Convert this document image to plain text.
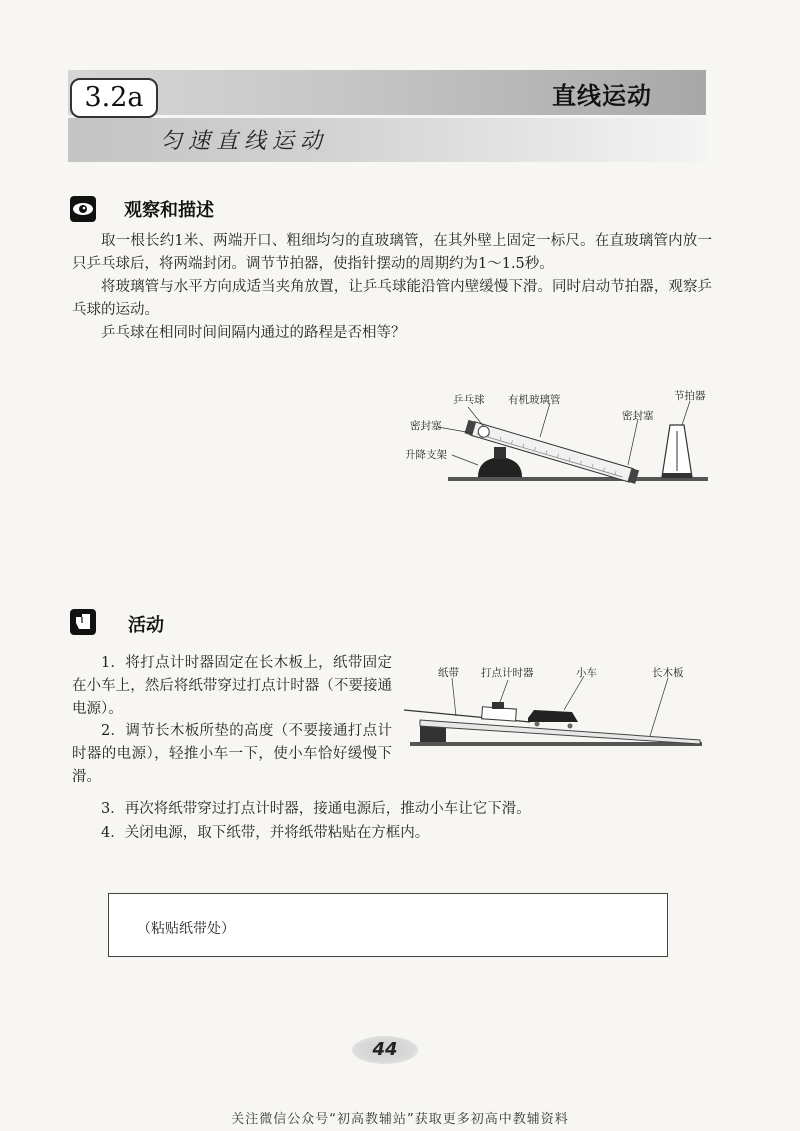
3.2a	直线运动
匀速直线运动
观察和描述

取一根长约1米、两端开口、粗细均匀的直玻璃管，在其外壁上固定一标尺。在直玻璃管内放一只乒乓球后，将两端封闭。调节节拍器，使指针摆动的周期约为1～1.5秒。

将玻璃管与水平方向成适当夹角放置，让乒乓球能沿管内壁缓慢下滑。同时启动节拍器，观察乒乓球的运动。

乒乓球在相同时间间隔内通过的路程是否相等？

乒乓球 有机玻璃管	节拍器
密封塞
密封塞
升降支架
活动

1．将打点计时器固定在长木板上，纸带固定在小车上，然后将纸带穿过打点计时器（不要接通电源）。

2．调节长木板所垫的高度（不要接通打点计时器的电源），轻推小车一下，使小车恰好缓慢下滑。

3．再次将纸带穿过打点计时器，接通电源后，推动小车让它下滑。

4．关闭电源，取下纸带，并将纸带粘贴在方框内。

纸带 打点计时器	小车	长木板

（粘贴纸带处）

44
关注微信公众号“初高教辅站”获取更多初高中教辅资料
